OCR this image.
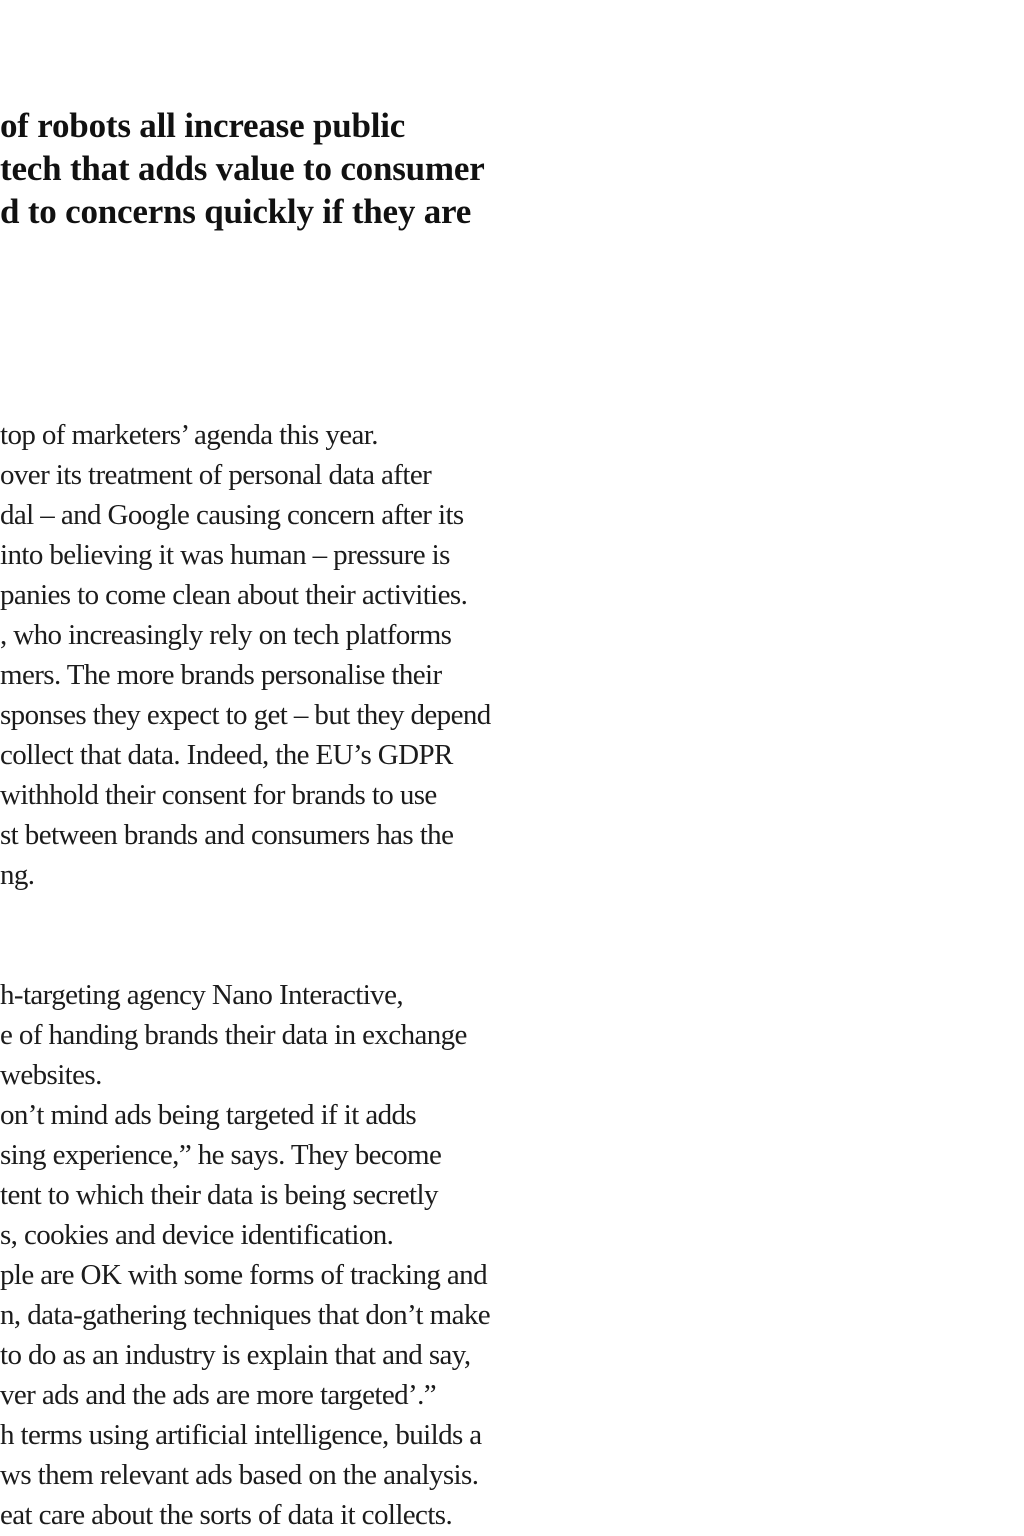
of robots all increase public
tech that adds value to consumer
d to concerns quickly if they are
top of marketers’ agenda this year.
over its treatment of personal data after
dal – and Google causing concern after its
into believing it was human – pressure is
panies to come clean about their activities.
, who increasingly rely on tech platforms
mers. The more brands personalise their
sponses they expect to get – but they depend
collect that data. Indeed, the EU’s GDPR
withhold their consent for brands to use
st between brands and consumers has the
ng.
h-targeting agency Nano Interactive,
e of handing brands their data in exchange
websites.
on’t mind ads being targeted if it adds
sing experience,” he says. They become
tent to which their data is being secretly
s, cookies and device identification.
ple are OK with some forms of tracking and
n, data-gathering techniques that don’t make
to do as an industry is explain that and say,
ver ads and the ads are more targeted’.”
h terms using artificial intelligence, builds a
ws them relevant ads based on the analysis.
eat care about the sorts of data it collects.
